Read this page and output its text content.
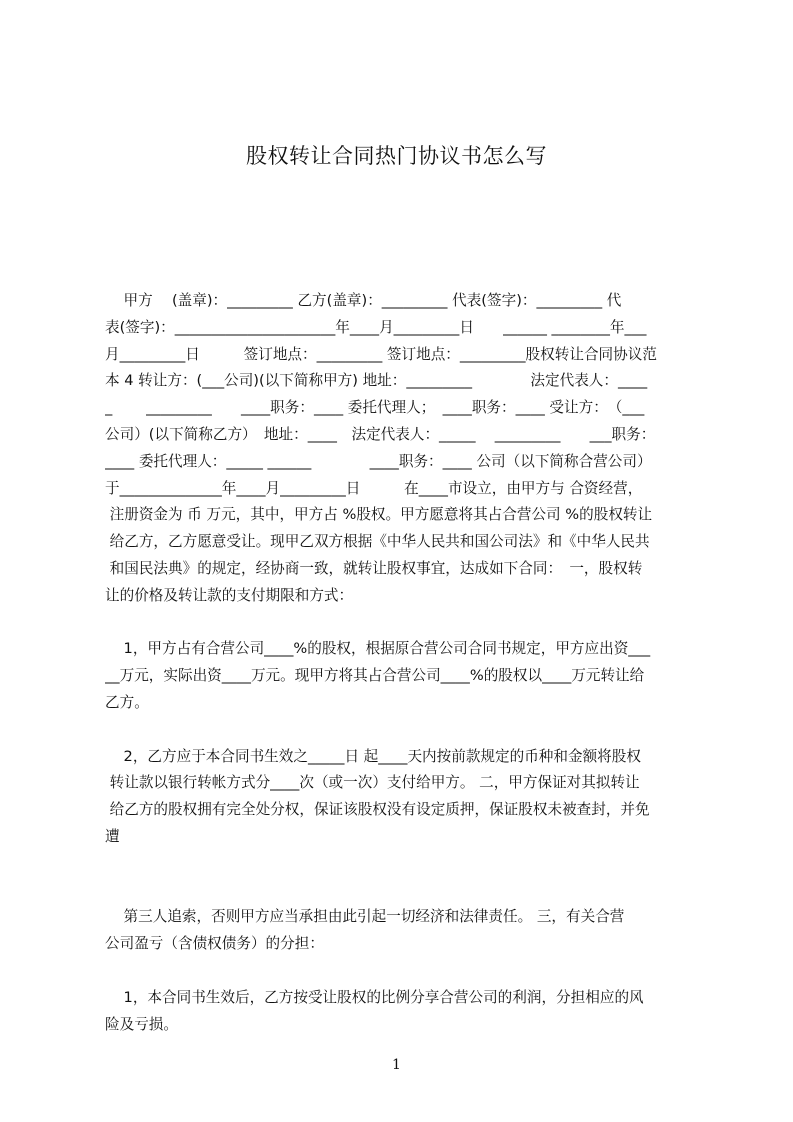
股权转让合同热门协议书怎么写
甲方　 (盖章)：_________ 乙方(盖章)：_________ 代表(签字)：_________ 代
表(签字)：______________________年____月_________日　　______ ________年___
月_________日　　　签订地点：_________ 签订地点：_________股权转让合同协议范
本 4 转让方：(___公司)(以下简称甲方) 地址：_________　　　　法定代表人：____
_　　 _________　　____职务：____ 委托代理人；　____职务：____ 受让方：　（___
公司）(以下简称乙方）　地址：____　法定代表人：_____　 _________　　___职务：
____ 委托代理人：_____ ______　　　　____职务：____ 公司（以下简称合营公司）
于______________年____月_________日　　　在____市设立，由甲方与 合资经营，
注册资金为 币 万元，其中，甲方占 %股权。甲方愿意将其占合营公司 %的股权转让
给乙方，乙方愿意受让。现甲乙双方根据《中华人民共和国公司法》和《中华人民共
和国民法典》的规定，经协商一致，就转让股权事宜，达成如下合同：　一，股权转
让的价格及转让款的支付期限和方式：
1，甲方占有合营公司____%的股权，根据原合营公司合同书规定，甲方应出资___
__万元，实际出资____万元。现甲方将其占合营公司____%的股权以____万元转让给
乙方。
2，乙方应于本合同书生效之_____日 起____天内按前款规定的币种和金额将股权
转让款以银行转帐方式分____次（或一次）支付给甲方。 二，甲方保证对其拟转让
给乙方的股权拥有完全处分权，保证该股权没有设定质押，保证股权未被查封，并免
遭
第三人追索，否则甲方应当承担由此引起一切经济和法律责任。 三，有关合营
公司盈亏（含债权债务）的分担：
1，本合同书生效后，乙方按受让股权的比例分享合营公司的利润，分担相应的风
险及亏损。
1
